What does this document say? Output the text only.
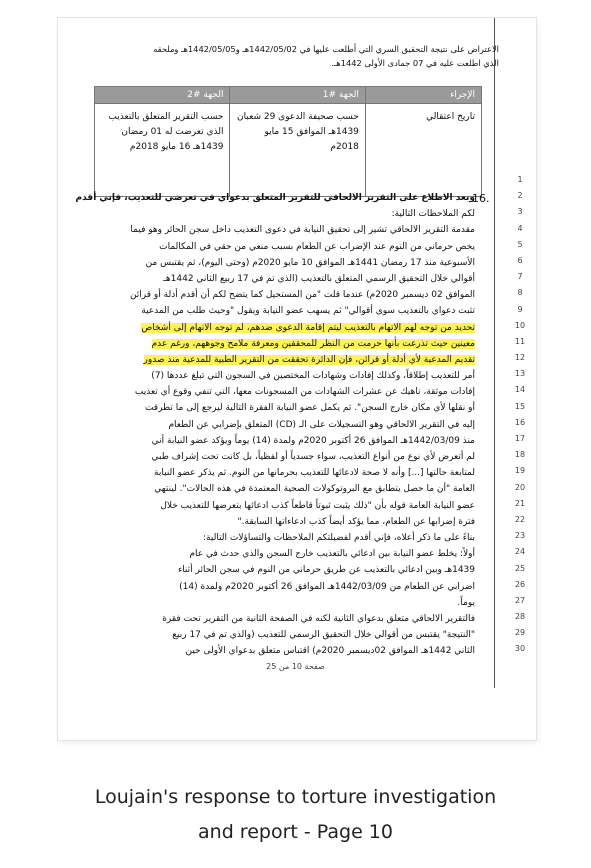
الاعتراض على نتيجة التحقيق السري التي أطلعت عليها في 1442/05/02هـ و1442/05/05هـ وملحقه
الذي اطلعت عليه في 07 جمادى الأولى 1442هـ.
الإجراء	الجهة #1	الجهة #2
تاريخ اعتقالي	حسب صحيفة الدعوى 29 شعبان 1439هـ الموافق 15 مايو 2018م	حسب التقرير المتعلق بالتعذيب الذي تعرضت له 01 رمضان 1439هـ 16 مايو 2018م
16.
وبعد الاطلاع على التقرير الالحاقي للتقرير المتعلق بدعواي في تعرضي للتعذيب، فإني أقدم
لكم الملاحظات التالية:
مقدمة التقرير الالحاقي تشير إلى تحقيق النيابة في دعوى التعذيب داخل سجن الحائر وهو فيما
يخص حرماني من النوم عند الإضراب عن الطعام بسبب منعي من حقي في المكالمات
الأسبوعية منذ 17 رمضان 1441هـ الموافق 10 مايو 2020م (وحتى اليوم)، ثم يقتبس من
أقوالي خلال التحقيق الرسمي المتعلق بالتعذيب (الذي تم في 17 ربيع الثاني 1442هـ
الموافق 02 ديسمبر 2020م) عندما قلت "من المستحيل كما يتضح لكم أن أقدم أدلة أو قرائن
تثبت دعواي بالتعذيب سوى أقوالي" ثم يسهب عضو النيابة ويقول "وحيث طلب من المدعية
تحديد من توجه لهم الاتهام بالتعذيب ليتم إقامة الدعوى ضدهم، لم توجه الاتهام إلى أشخاص
معينين حيث تذرعت بأنها حرمت من النظر للمحققين ومعرفة ملامح وجوههم، ورغم عدم
تقديم المدعية لأي أدلة أو قرائن، فإن الدائرة تحققت من التقرير الطبية للمدعية منذ صدور
أمر للتعذيب إطلاقاً، وكذلك إفادات وشهادات المختصين في السجون التي تبلغ عددها (7)
إفادات موثقة، ناهيك عن عشرات الشهادات من المسجونات معها، التي تنفي وقوع أي تعذيب
أو نقلها لأي مكان خارج السجن". ثم يكمل عضو النيابة الفقرة التالية ليرجع إلى ما تطرقت
إليه في التقرير الالحاقي وهو التسجيلات على الـ (CD) المتعلق بإضرابي عن الطعام
منذ 1442/03/09هـ الموافق 26 أكتوبر 2020م ولمدة (14) يوماً ويؤكد عضو النيابة أني
لم أتعرض لأي نوع من أنواع التعذيب، سواء جسدياً أو لفظياً، بل كانت تحت إشراف طبي
لمتابعة حالتها [...] وأنه لا صحة لادعائها للتعذيب بحرمانها من النوم. ثم يذكر عضو النيابة
العامة "أن ما حصل يتطابق مع البروتوكولات الصحية المعتمدة في هذه الحالات". لينتهي
عضو النيابة العامة قوله بأن "ذلك يثبت ثبوتاً قاطعاً كذب ادعائها بتعرضها للتعذيب خلال
فترة إضرابها عن الطعام، مما يؤكد أيضاً كذب ادعاءاتها السابقة."
بناءً على ما ذكر أعلاه، فإني أقدم لفضيلتكم الملاحظات والتساؤلات التالية:
أولاً: يخلط عضو النيابة بين ادعائي بالتعذيب خارج السجن والذي حدث في عام
1439هـ وبين ادعائي بالتعذيب عن طريق حرماني من النوم في سجن الحائر أثناء
اضرابي عن الطعام من 1442/03/09هـ الموافق 26 أكتوبر 2020م ولمدة (14)
يوماً.
فالتقرير الالحاقي متعلق بدعواي الثانية لكنه في الصفحة الثانية من التقرير تحت فقرة
"النتيجة" يقتبس من أقوالي خلال التحقيق الرسمي للتعذيب (والذي تم في 17 ربيع
الثاني 1442هـ الموافق 02ديسمبر 2020م) اقتباس متعلق بدعواي الأولى حين
1
2
3
4
5
6
7
8
9
10
11
12
13
14
15
16
17
18
19
20
21
22
23
24
25
26
27
28
29
30
صفحة 10 من 25
Loujain's response to torture investigation
and report - Page 10
